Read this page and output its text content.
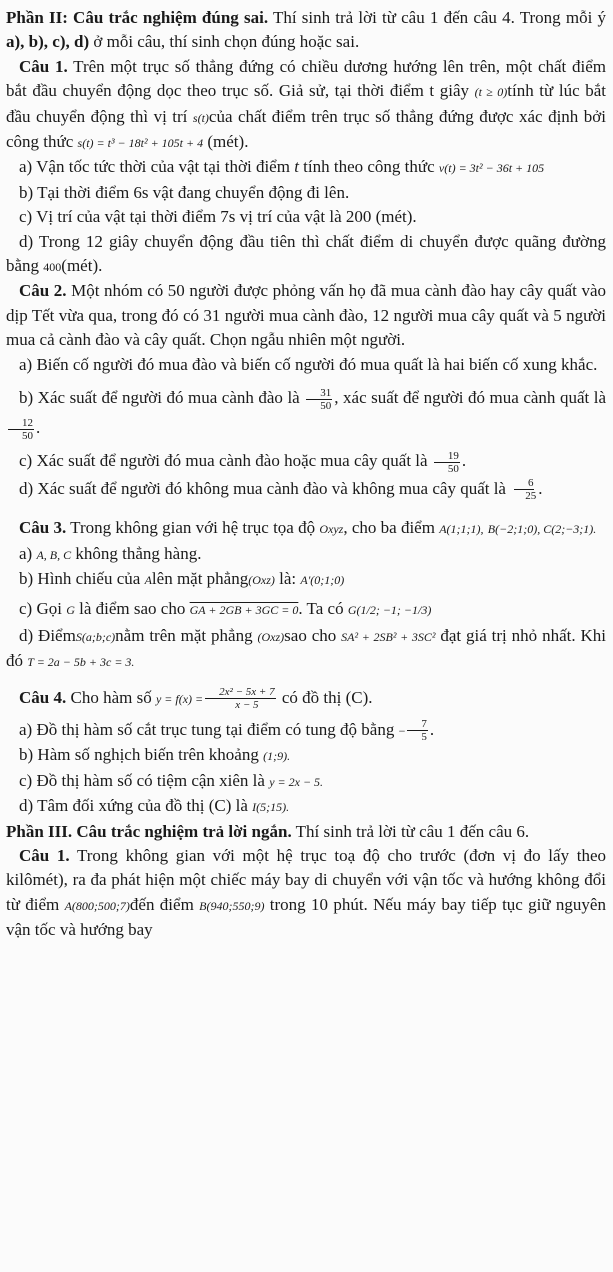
Phần II: Câu trắc nghiệm đúng sai. Thí sinh trả lời từ câu 1 đến câu 4. Trong mỗi ý a), b), c), d) ở mỗi câu, thí sinh chọn đúng hoặc sai.

Câu 1. Trên một trục số thẳng đứng có chiều dương hướng lên trên, một chất điểm bắt đầu chuyển động dọc theo trục số. Giả sử, tại thời điểm t giây (t ≥ 0)tính từ lúc bắt đầu chuyển động thì vị trí s(t)của chất điểm trên trục số thẳng đứng được xác định bởi công thức s(t) = t³ − 18t² + 105t + 4 (mét).

a) Vận tốc tức thời của vật tại thời điểm t tính theo công thức v(t) = 3t² − 36t + 105

b) Tại thời điểm 6s vật đang chuyển động đi lên.

c) Vị trí của vật tại thời điểm 7s vị trí của vật là 200 (mét).

d) Trong 12 giây chuyển động đầu tiên thì chất điểm di chuyển được quãng đường bằng 400(mét).

Câu 2. Một nhóm có 50 người được phỏng vấn họ đã mua cành đào hay cây quất vào dịp Tết vừa qua, trong đó có 31 người mua cành đào, 12 người mua cây quất và 5 người mua cả cành đào và cây quất. Chọn ngẫu nhiên một người.

a) Biến cố người đó mua đào và biến cố người đó mua quất là hai biến cố xung khắc.

b) Xác suất để người đó mua cành đào là $\frac{31}{50}$ , xác suất để người đó mua cành quất là
$\frac{12}{50}$ .

c) Xác suất để người đó mua cành đào hoặc mua cây quất là $\frac{19}{50}$ .

d) Xác suất để người đó không mua cành đào và không mua cây quất là $\frac{6}{25}$ .

Câu 3. Trong không gian với hệ trục tọa độ Oxyz, cho ba điểm A(1;1;1), B(−2;1;0), C(2;−3;1).

a) A, B, C không thẳng hàng.

b) Hình chiếu của Alên mặt phẳng(Oxz) là: A'(0;1;0)

c) Gọi G là điểm sao cho GA + 2GB + 3GC = 0. Ta có G(1/2; −1; −1/3)

d) ĐiểmS(a;b;c)nằm trên mặt phẳng (Oxz)sao cho SA² + 2SB² + 3SC² đạt giá trị nhỏ nhất. Khi đó T = 2a − 5b + 3c = 3.

Câu 4. Cho hàm số $y = f(x) = \frac{\text{2x² − 5x + 7}}{x - 5}$ có đồ thị (C).

a) Đồ thị hàm số cắt trục tung tại điểm có tung độ bằng − $\frac{7}{5}$ .

b) Hàm số nghịch biến trên khoảng (1;9).

c) Đồ thị hàm số có tiệm cận xiên là y = 2x − 5.

d) Tâm đối xứng của đồ thị (C) là I(5;15).

Phần III. Câu trắc nghiệm trả lời ngắn. Thí sinh trả lời từ câu 1 đến câu 6.

Câu 1. Trong không gian với một hệ trục toạ độ cho trước (đơn vị đo lấy theo kilômét), ra đa phát hiện một chiếc máy bay di chuyển với vận tốc và hướng không đổi từ điểm A(800;500;7)đến điểm B(940;550;9) trong 10 phút. Nếu máy bay tiếp tục giữ nguyên vận tốc và hướng bay
